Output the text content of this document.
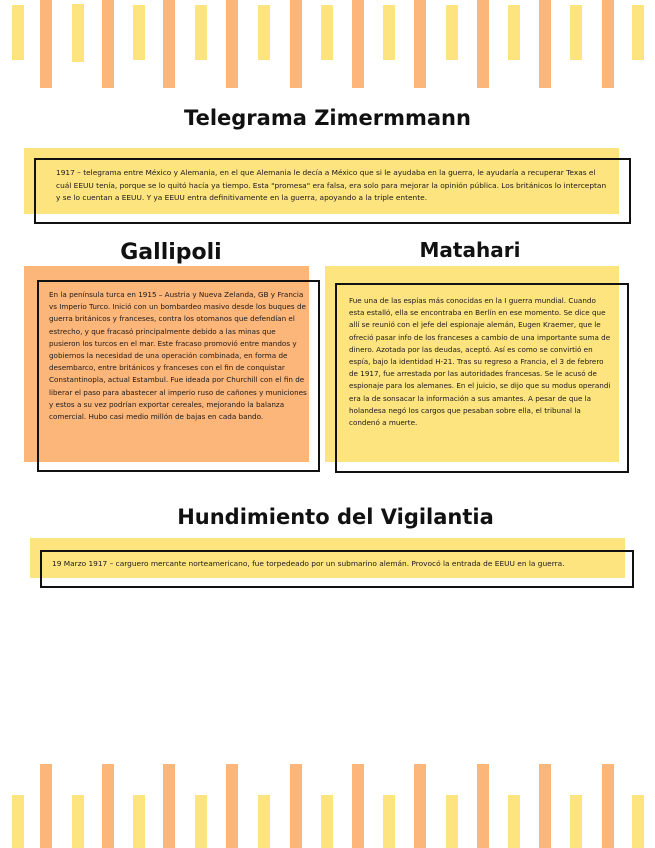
Telegrama Zimermmann

1917 – telegrama entre México y Alemania, en el que Alemania le decía a México que si le ayudaba en la guerra, le ayudaría a recuperar Texas el cuál EEUU tenía, porque se lo quitó hacía ya tiempo. Esta "promesa" era falsa, era solo para mejorar la opinión pública. Los británicos lo interceptan y se lo cuentan a EEUU. Y ya EEUU entra definitivamente en la guerra, apoyando a la triple entente.

Gallipoli

En la península turca en 1915 – Austria y Nueva Zelanda, GB y Francia vs Imperio Turco. Inició con un bombardeo masivo desde los buques de guerra británicos y franceses, contra los otomanos que defendían el estrecho, y que fracasó principalmente debido a las minas que pusieron los turcos en el mar. Este fracaso promovió entre mandos y gobiernos la necesidad de una operación combinada, en forma de desembarco, entre británicos y franceses con el fin de conquistar Constantinopla, actual Estambul. Fue ideada por Churchill con el fin de liberar el paso para abastecer al imperio ruso de cañones y municiones y estos a su vez podrían exportar cereales, mejorando la balanza comercial. Hubo casi medio millón de bajas en cada bando.

Matahari

Fue una de las espías más conocidas en la I guerra mundial. Cuando esta estalló, ella se encontraba en Berlín en ese momento. Se dice que allí se reunió con el jefe del espionaje alemán, Eugen Kraemer, que le ofreció pasar info de los franceses a cambio de una importante suma de dinero. Azotada por las deudas, aceptó. Así es como se convirtió en espía, bajo la identidad H-21. Tras su regreso a Francia, el 3 de febrero de 1917, fue arrestada por las autoridades francesas. Se le acusó de espionaje para los alemanes. En el juicio, se dijo que su modus operandi era la de sonsacar la información a sus amantes. A pesar de que la holandesa negó los cargos que pesaban sobre ella, el tribunal la condenó a muerte.

Hundimiento del Vigilantia

19 Marzo 1917 – carguero mercante norteamericano, fue torpedeado por un submarino alemán. Provocó la entrada de EEUU en la guerra.
